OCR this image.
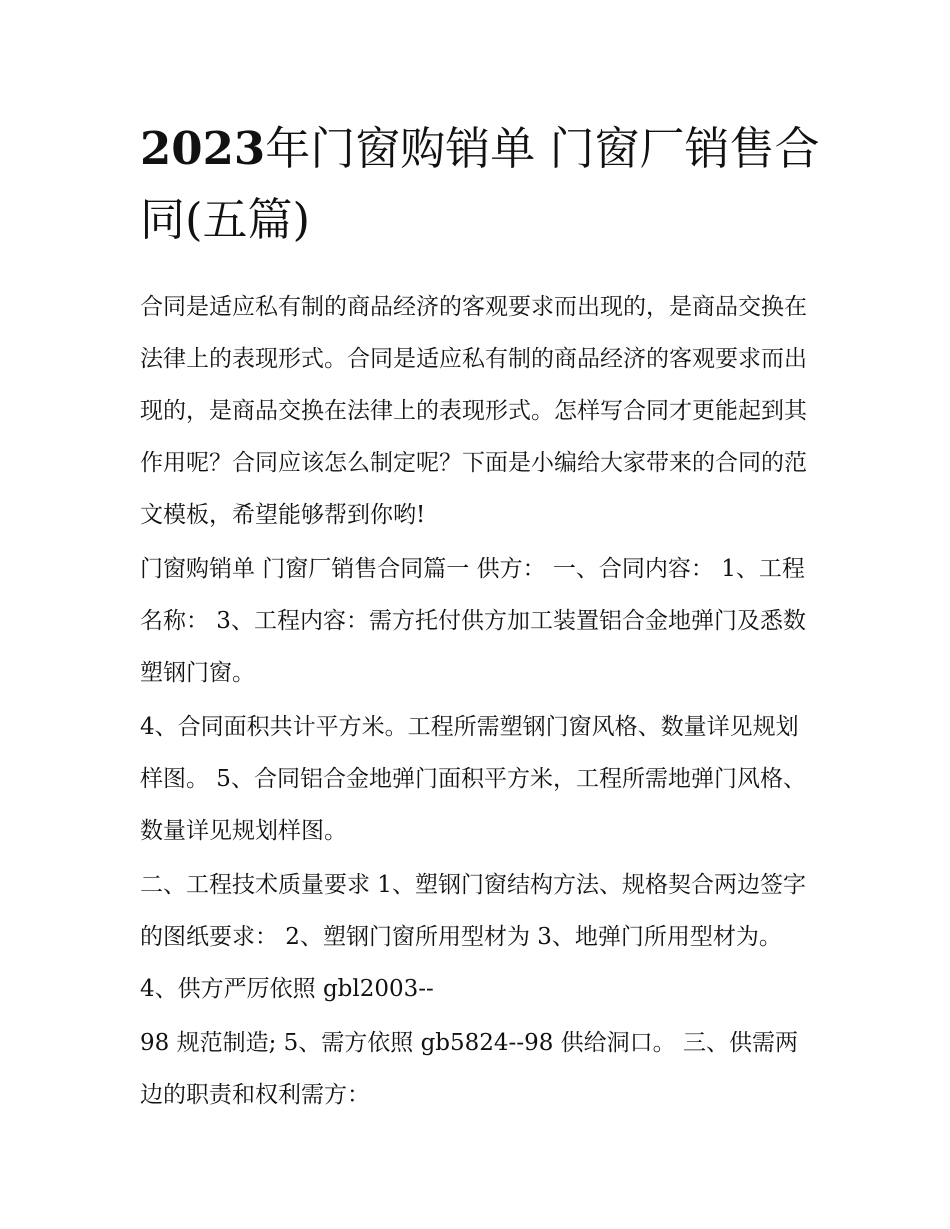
2023年门窗购销单 门窗厂销售合同(五篇)

合同是适应私有制的商品经济的客观要求而出现的，是商品交换在法律上的表现形式。合同是适应私有制的商品经济的客观要求而出现的，是商品交换在法律上的表现形式。怎样写合同才更能起到其作用呢？合同应该怎么制定呢？下面是小编给大家带来的合同的范文模板，希望能够帮到你哟!

门窗购销单 门窗厂销售合同篇一 供方： 一、合同内容： 1、工程名称： 3、工程内容：需方托付供方加工装置铝合金地弹门及悉数塑钢门窗。

4、合同面积共计平方米。工程所需塑钢门窗风格、数量详见规划样图。 5、合同铝合金地弹门面积平方米，工程所需地弹门风格、数量详见规划样图。

二、工程技术质量要求 1、塑钢门窗结构方法、规格契合两边签字的图纸要求： 2、塑钢门窗所用型材为 3、地弹门所用型材为。 4、供方严厉依照 gbl2003--

98 规范制造; 5、需方依照 gb5824--98 供给洞口。 三、供需两边的职责和权利需方：
